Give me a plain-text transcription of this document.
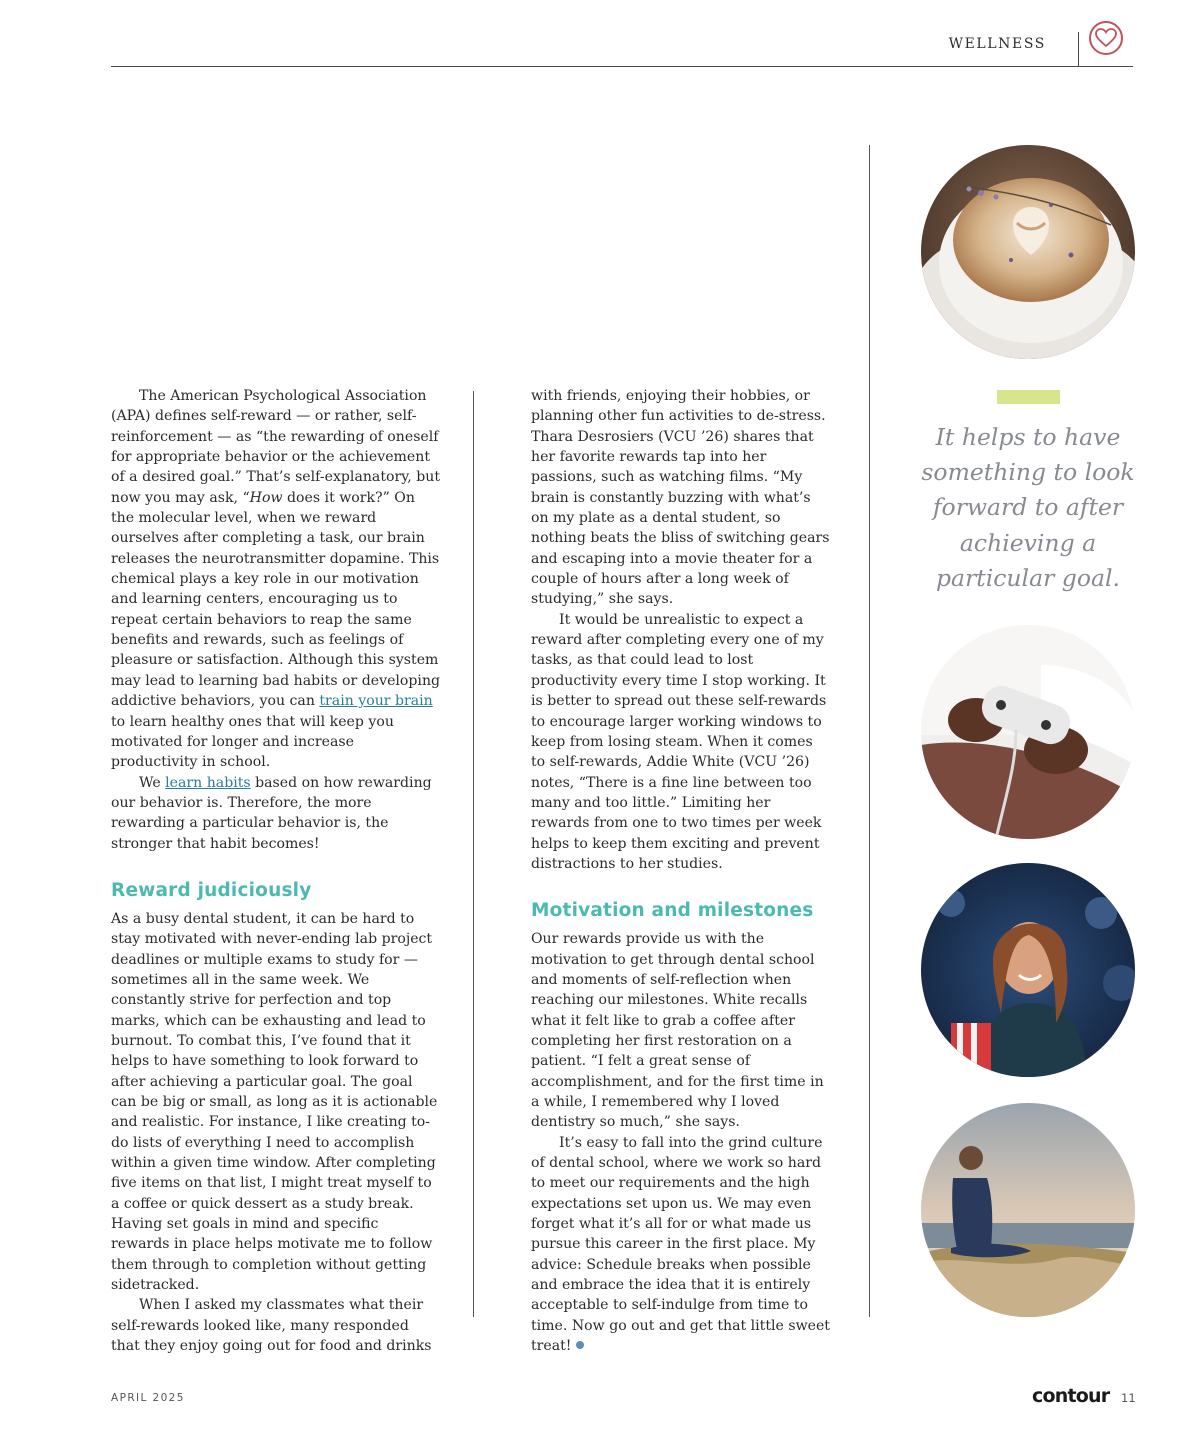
WELLNESS

The American Psychological Association (APA) defines self-reward — or rather, self-reinforcement — as “the rewarding of oneself for appropriate behavior or the achievement of a desired goal.” That’s self-explanatory, but now you may ask, “How does it work?” On the molecular level, when we reward ourselves after completing a task, our brain releases the neurotransmitter dopamine. This chemical plays a key role in our motivation and learning centers, encouraging us to repeat certain behaviors to reap the same benefits and rewards, such as feelings of pleasure or satisfaction. Although this system may lead to learning bad habits or developing addictive behaviors, you can train your brain to learn healthy ones that will keep you motivated for longer and increase productivity in school.

We learn habits based on how rewarding our behavior is. Therefore, the more rewarding a particular behavior is, the stronger that habit becomes!

Reward judiciously

As a busy dental student, it can be hard to stay motivated with never-ending lab project deadlines or multiple exams to study for — sometimes all in the same week. We constantly strive for perfection and top marks, which can be exhausting and lead to burnout. To combat this, I’ve found that it helps to have something to look forward to after achieving a particular goal. The goal can be big or small, as long as it is actionable and realistic. For instance, I like creating to-do lists of everything I need to accomplish within a given time window. After completing five items on that list, I might treat myself to a coffee or quick dessert as a study break. Having set goals in mind and specific rewards in place helps motivate me to follow them through to completion without getting sidetracked.

When I asked my classmates what their self-rewards looked like, many responded that they enjoy going out for food and drinks

with friends, enjoying their hobbies, or planning other fun activities to de-stress. Thara Desrosiers (VCU ’26) shares that her favorite rewards tap into her passions, such as watching films. “My brain is constantly buzzing with what’s on my plate as a dental student, so nothing beats the bliss of switching gears and escaping into a movie theater for a couple of hours after a long week of studying,” she says.

It would be unrealistic to expect a reward after completing every one of my tasks, as that could lead to lost productivity every time I stop working. It is better to spread out these self-rewards to encourage larger working windows to keep from losing steam. When it comes to self-rewards, Addie White (VCU ’26) notes, “There is a fine line between too many and too little.” Limiting her rewards from one to two times per week helps to keep them exciting and prevent distractions to her studies.

Motivation and milestones

Our rewards provide us with the motivation to get through dental school and moments of self-reflection when reaching our milestones. White recalls what it felt like to grab a coffee after completing her first restoration on a patient. “I felt a great sense of accomplishment, and for the first time in a while, I remembered why I loved dentistry so much,” she says.

It’s easy to fall into the grind culture of dental school, where we work so hard to meet our requirements and the high expectations set upon us. We may even forget what it’s all for or what made us pursue this career in the first place. My advice: Schedule breaks when possible and embrace the idea that it is entirely acceptable to self-indulge from time to time. Now go out and get that little sweet treat!

It helps to have something to look forward to after achieving a particular goal.
APRIL 2025	contour 11
